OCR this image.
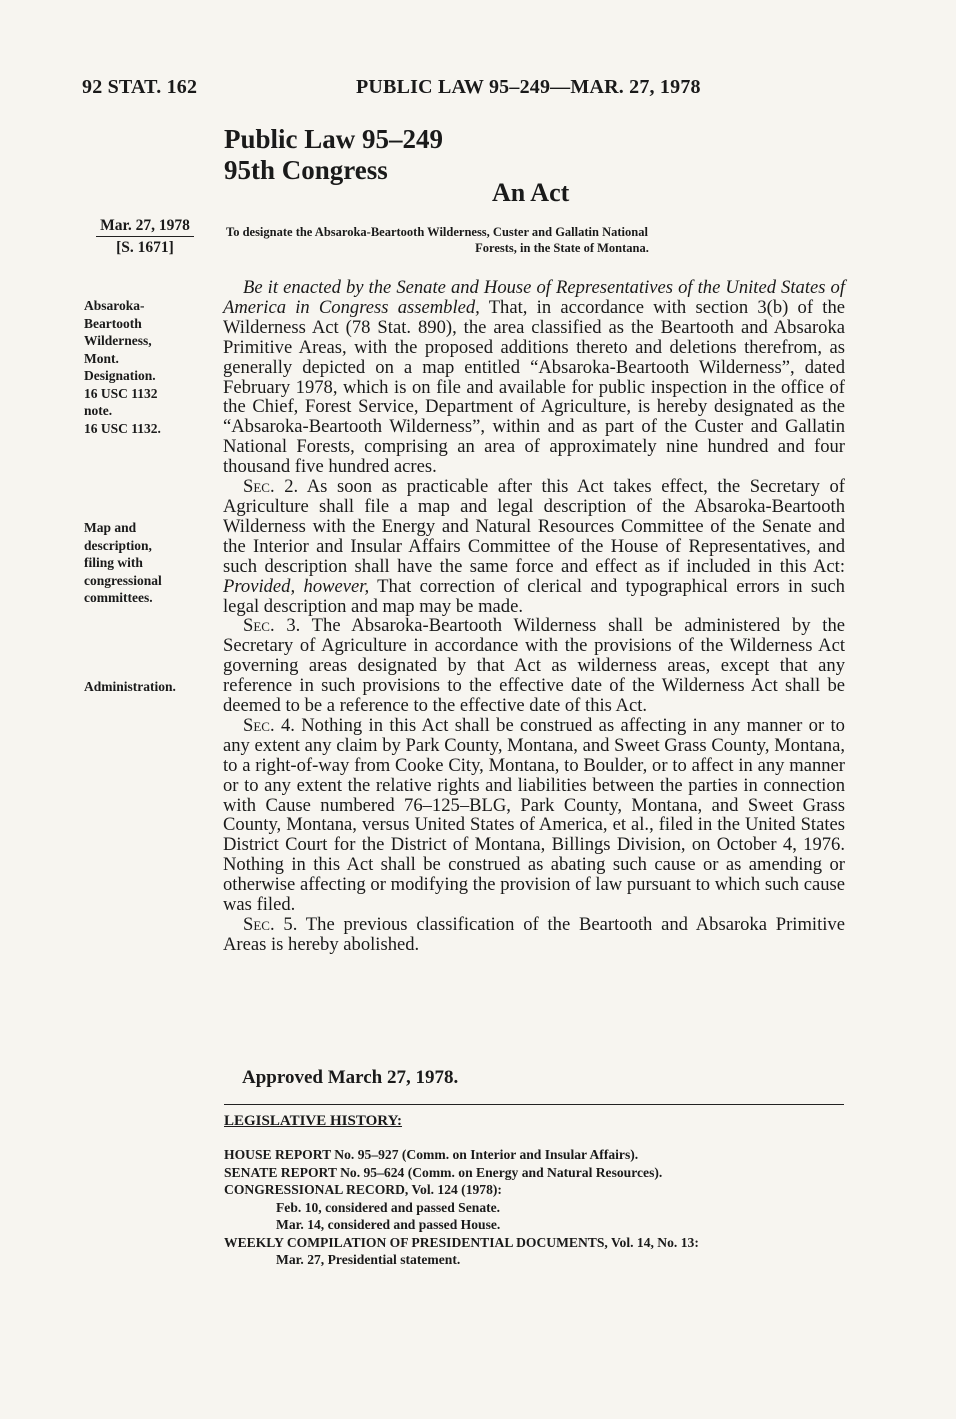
92 STAT. 162	PUBLIC LAW 95–249—MAR. 27, 1978
Public Law 95–249
95th Congress
An Act
Mar. 27, 1978
[S. 1671]
To designate the Absaroka-Beartooth Wilderness, Custer and Gallatin National
Forests, in the State of Montana.
Absaroka-
Beartooth
Wilderness,
Mont.
Designation.
16 USC 1132
note.
16 USC 1132.
Map and
description,
filing with
congressional
committees.
Administration.

Be it enacted by the Senate and House of Representatives of the United States of America in Congress assembled, That, in accordance with section 3(b) of the Wilderness Act (78 Stat. 890), the area classified as the Beartooth and Absaroka Primitive Areas, with the proposed additions thereto and deletions therefrom, as generally depicted on a map entitled “Absaroka-Beartooth Wilderness”, dated February 1978, which is on file and available for public inspection in the office of the Chief, Forest Service, Department of Agriculture, is hereby designated as the “Absaroka-Beartooth Wilderness”, within and as part of the Custer and Gallatin National Forests, comprising an area of approximately nine hundred and four thousand five hundred acres.

Sec. 2. As soon as practicable after this Act takes effect, the Secretary of Agriculture shall file a map and legal description of the Absaroka-Beartooth Wilderness with the Energy and Natural Resources Committee of the Senate and the Interior and Insular Affairs Committee of the House of Representatives, and such description shall have the same force and effect as if included in this Act: Provided, however, That correction of clerical and typographical errors in such legal description and map may be made.

Sec. 3. The Absaroka-Beartooth Wilderness shall be administered by the Secretary of Agriculture in accordance with the provisions of the Wilderness Act governing areas designated by that Act as wilderness areas, except that any reference in such provisions to the effective date of the Wilderness Act shall be deemed to be a reference to the effective date of this Act.

Sec. 4. Nothing in this Act shall be construed as affecting in any manner or to any extent any claim by Park County, Montana, and Sweet Grass County, Montana, to a right-of-way from Cooke City, Montana, to Boulder, or to affect in any manner or to any extent the relative rights and liabilities between the parties in connection with Cause numbered 76–125–BLG, Park County, Montana, and Sweet Grass County, Montana, versus United States of America, et al., filed in the United States District Court for the District of Montana, Billings Division, on October 4, 1976. Nothing in this Act shall be construed as abating such cause or as amending or otherwise affecting or modifying the provision of law pursuant to which such cause was filed.

Sec. 5. The previous classification of the Beartooth and Absaroka Primitive Areas is hereby abolished.

Approved March 27, 1978.
LEGISLATIVE HISTORY:
HOUSE REPORT No. 95–927 (Comm. on Interior and Insular Affairs).
SENATE REPORT No. 95–624 (Comm. on Energy and Natural Resources).
CONGRESSIONAL RECORD, Vol. 124 (1978):
Feb. 10, considered and passed Senate.
Mar. 14, considered and passed House.
WEEKLY COMPILATION OF PRESIDENTIAL DOCUMENTS, Vol. 14, No. 13:
Mar. 27, Presidential statement.
